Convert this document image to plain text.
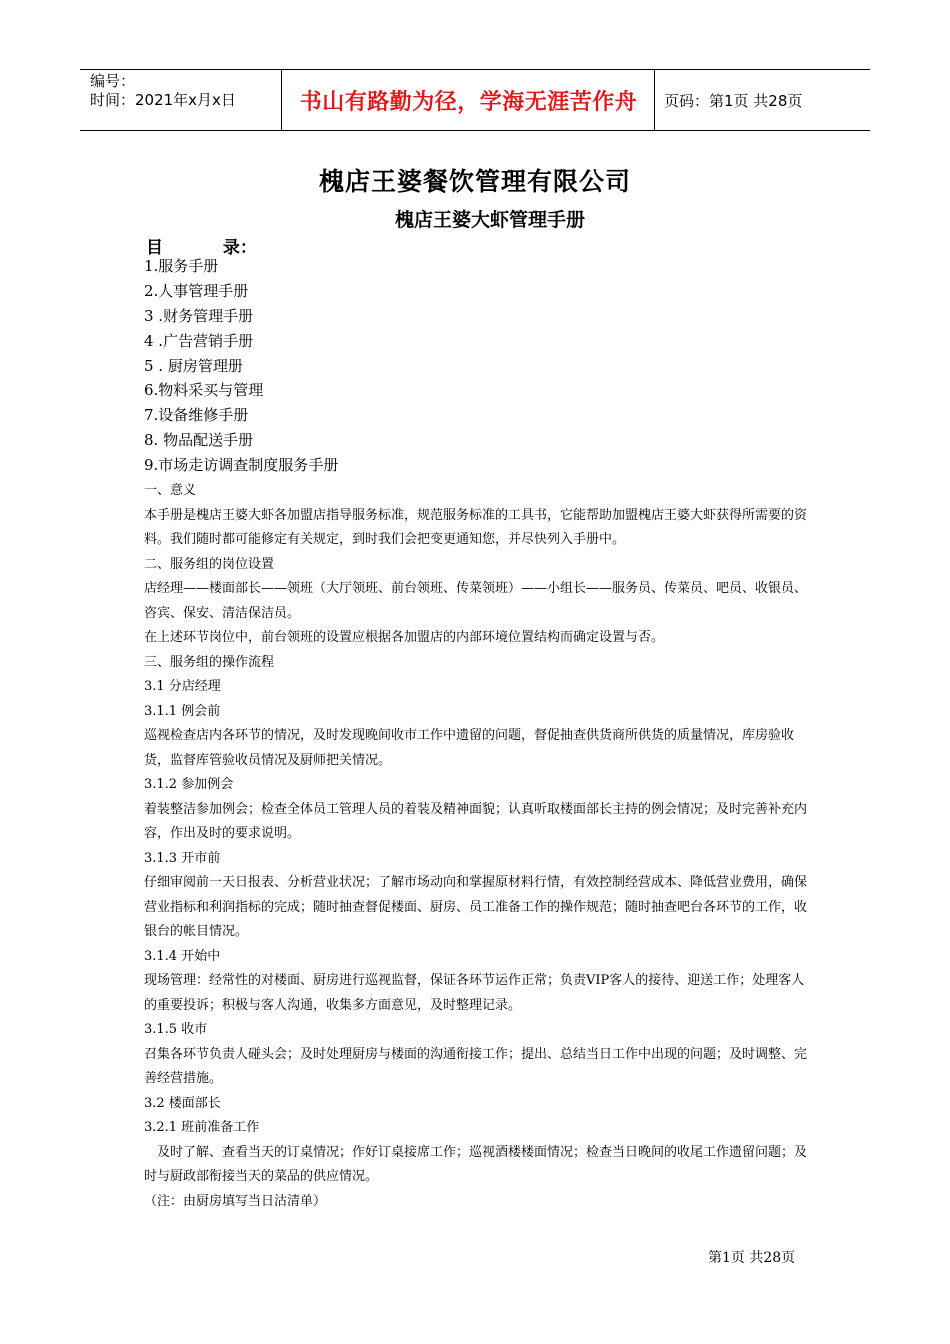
编号：
时间：2021年x月x日	书山有路勤为径，学海无涯苦作舟	页码：第1页 共28页
槐店王婆餐饮管理有限公司
槐店王婆大虾管理手册
目	录：
1.服务手册
2.人事管理手册
3 .财务管理手册
4 .广告营销手册
5 . 厨房管理册
6.物料采买与管理
7.设备维修手册
8. 物品配送手册
9.市场走访调查制度服务手册

一、意义

本手册是槐店王婆大虾各加盟店指导服务标准，规范服务标准的工具书，它能帮助加盟槐店王婆大虾获得所需要的资料。我们随时都可能修定有关规定，到时我们会把变更通知您，并尽快列入手册中。

二、服务组的岗位设置

店经理——楼面部长——领班（大厅领班、前台领班、传菜领班）——小组长——服务员、传菜员、吧员、收银员、咨宾、保安、清洁保洁员。

在上述环节岗位中，前台领班的设置应根据各加盟店的内部环境位置结构而确定设置与否。

三、服务组的操作流程

3.1 分店经理

3.1.1 例会前

巡视检查店内各环节的情况，及时发现晚间收市工作中遗留的问题，督促抽查供货商所供货的质量情况，库房验收货，监督库管验收员情况及厨师把关情况。

3.1.2 参加例会

着装整洁参加例会；检查全体员工管理人员的着装及精神面貌；认真听取楼面部长主持的例会情况；及时完善补充内容，作出及时的要求说明。

3.1.3 开市前

仔细审阅前一天日报表、分析营业状况；了解市场动向和掌握原材料行情，有效控制经营成本、降低营业费用，确保营业指标和利润指标的完成；随时抽查督促楼面、厨房、员工准备工作的操作规范；随时抽查吧台各环节的工作，收银台的帐目情况。

3.1.4 开始中

现场管理：经常性的对楼面、厨房进行巡视监督，保证各环节运作正常；负责VIP客人的接待、迎送工作；处理客人的重要投诉；积极与客人沟通，收集多方面意见，及时整理记录。

3.1.5 收市

召集各环节负责人碰头会；及时处理厨房与楼面的沟通衔接工作；提出、总结当日工作中出现的问题；及时调整、完善经营措施。

3.2 楼面部长

3.2.1 班前准备工作

　及时了解、查看当天的订桌情况；作好订桌接席工作；巡视酒楼楼面情况；检查当日晚间的收尾工作遗留问题；及时与厨政部衔接当天的菜品的供应情况。

（注：由厨房填写当日沽清单）

第1页 共28页
